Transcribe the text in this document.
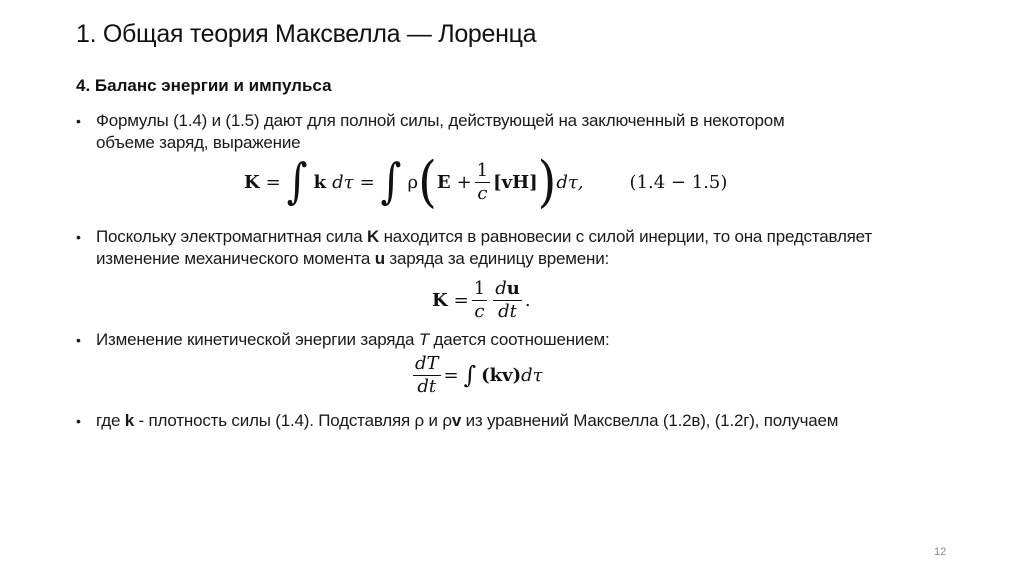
1. Общая теория Максвелла — Лоренца
4. Баланс энергии и импульса
• Формулы (1.4) и (1.5) дают для полной силы, действующей на заключенный в некотором объеме заряд, выражение
K = ∫ k dτ = ∫ ρ ( $E + \frac{1}{c} [vH]$ ) dτ,	(1.4 − 1.5)
• Поскольку электромагнитная сила K находится в равновесии с силой инерции, то она представляет изменение механического момента u заряда за единицу времени:
$K = \frac{1}{c} \frac{du}{dt}$ .
• Изменение кинетической энергии заряда T дается соотношением:
$\frac{dT}{dt}$ = ∫ (kv) dτ
• где k - плотность силы (1.4). Подставляя ρ и ρv из уравнений Максвелла (1.2в), (1.2г), получаем
12
